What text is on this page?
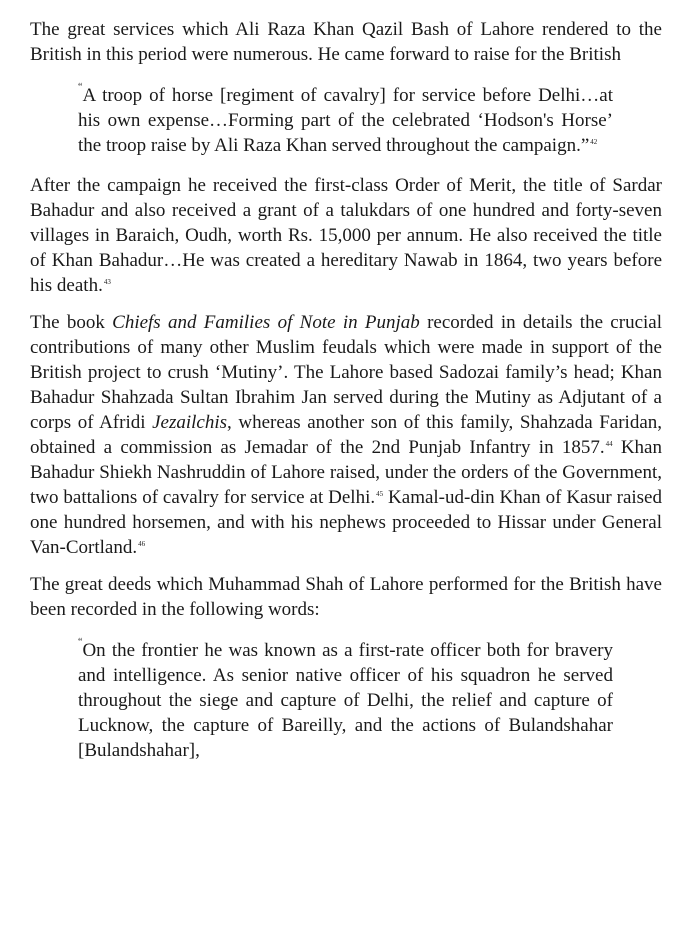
The great services which Ali Raza Khan Qazil Bash of Lahore rendered to the British in this period were numerous. He came forward to raise for the British

“A troop of horse [regiment of cavalry] for service before Delhi…at his own expense…Forming part of the celebrated ‘Hodson's Horse’ the troop raise by Ali Raza Khan served throughout the campaign.”$^{42}$

After the campaign he received the first-class Order of Merit, the title of Sardar Bahadur and also received a grant of a talukdars of one hundred and forty-seven villages in Baraich, Oudh, worth Rs. 15,000 per annum. He also received the title of Khan Bahadur…He was created a hereditary Nawab in 1864, two years before his death.$^{43}$

The book Chiefs and Families of Note in Punjab recorded in details the crucial contributions of many other Muslim feudals which were made in support of the British project to crush ‘Mutiny’. The Lahore based Sadozai family’s head; Khan Bahadur Shahzada Sultan Ibrahim Jan served during the Mutiny as Adjutant of a corps of Afridi Jezailchis, whereas another son of this family, Shahzada Faridan, obtained a commission as Jemadar of the 2nd Punjab Infantry in 1857.44 Khan Bahadur Shiekh Nashruddin of Lahore raised, under the orders of the Government, two battalions of cavalry for service at Delhi.$^{45}$ Kamal-ud-din Khan of Kasur raised one hundred horsemen, and with his nephews proceeded to Hissar under General Van-Cortland.$^{46}$

The great deeds which Muhammad Shah of Lahore performed for the British have been recorded in the following words:

“On the frontier he was known as a first-rate officer both for bravery and intelligence. As senior native officer of his squadron he served throughout the siege and capture of Delhi, the relief and capture of Lucknow, the capture of Bareilly, and the actions of Bulandshahar [Bulandshahar],
